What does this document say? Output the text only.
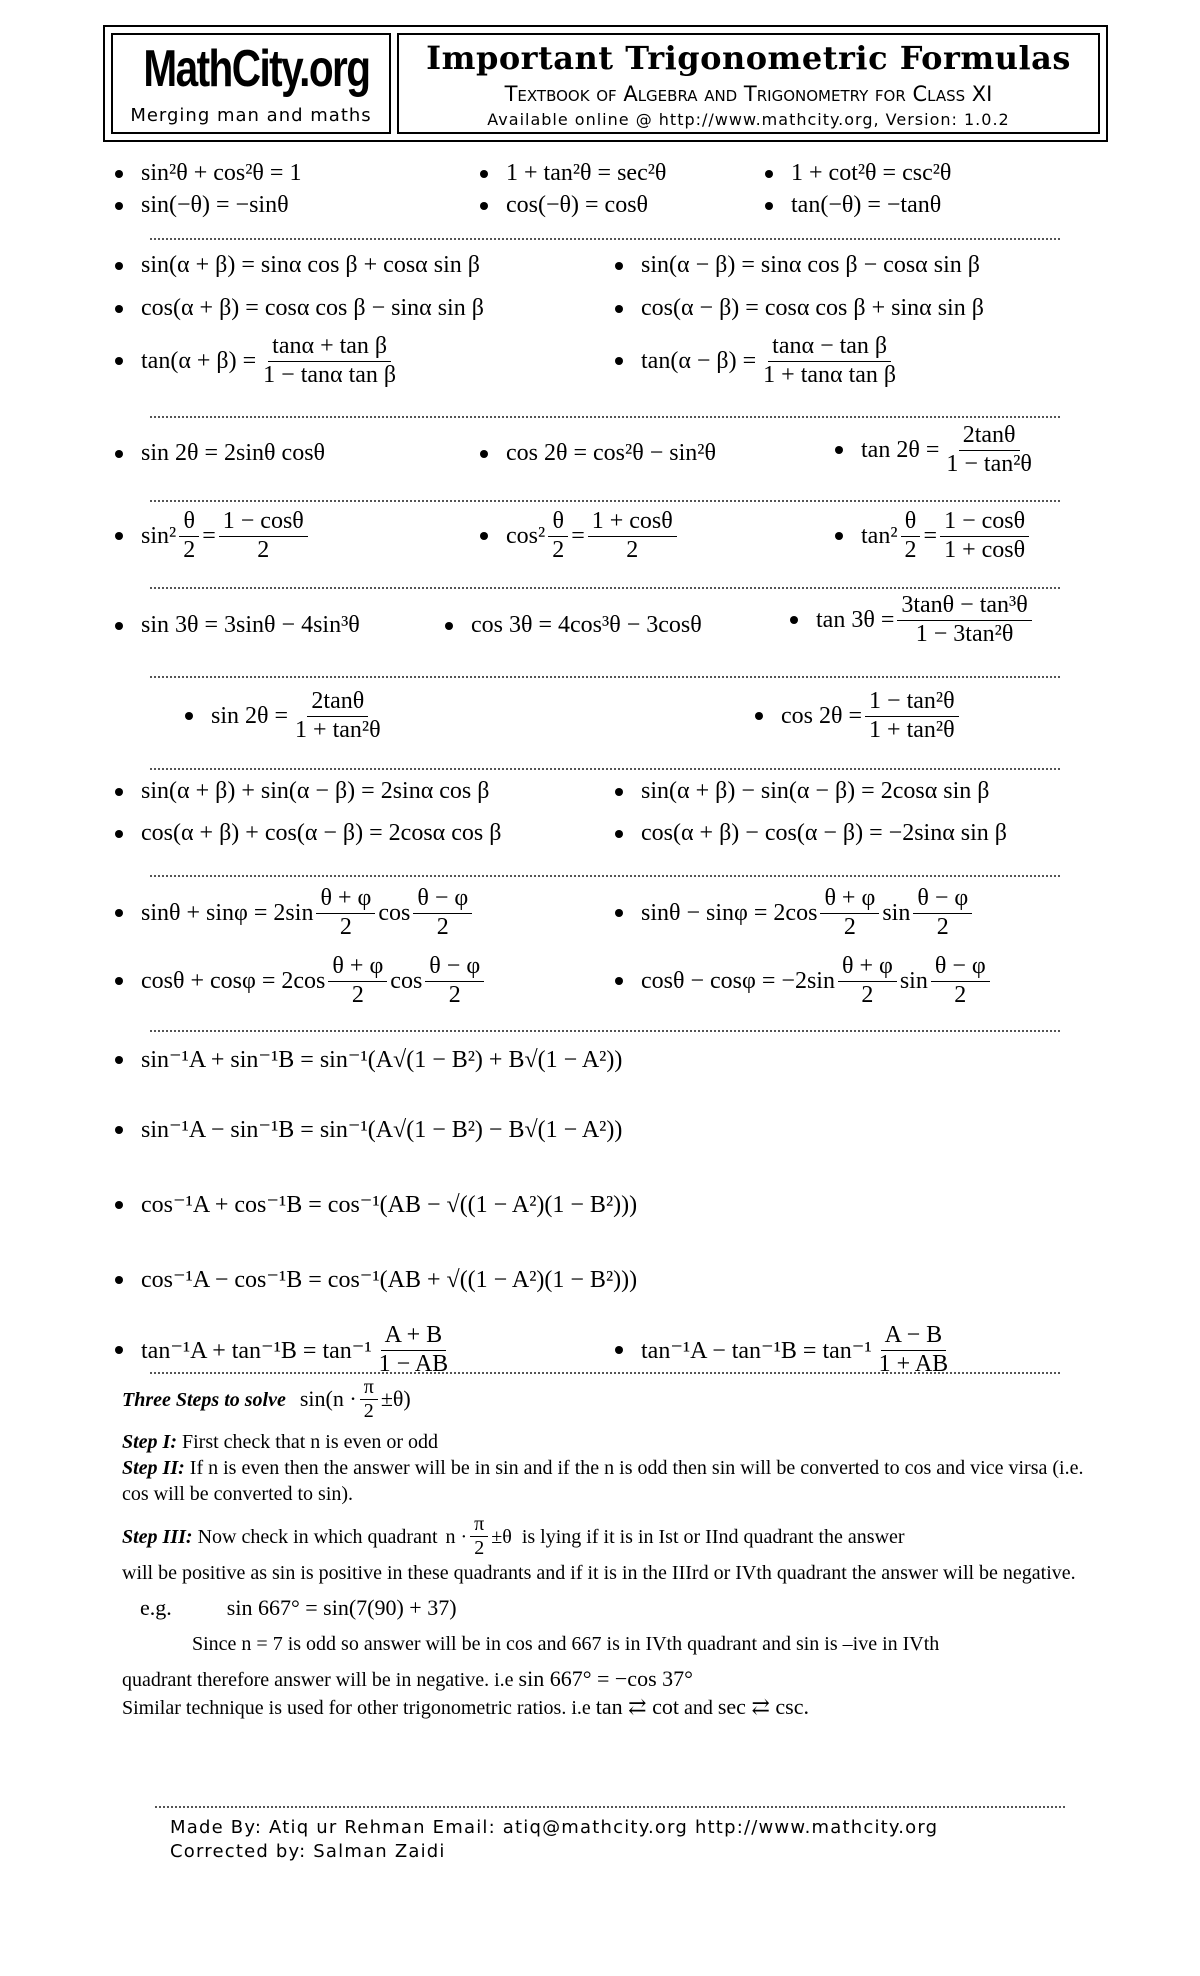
MathCity.org
Merging man and maths
Important Trigonometric Formulas
Textbook of Algebra and Trigonometry for Class XI
Available online @ http://www.mathcity.org, Version: 1.0.2
sin²θ + cos²θ = 1	1 + tan²θ = sec²θ	1 + cot²θ = csc²θ
sin(−θ) = −sinθ	cos(−θ) = cosθ	tan(−θ) = −tanθ
sin(α + β) = sinα cos β + cosα sin β	sin(α − β) = sinα cos β − cosα sin β
cos(α + β) = cosα cos β − sinα sin β	cos(α − β) = cosα cos β + sinα sin β
$\tan(\alpha + \beta) = \frac{\text{tanα + tan β}}{\text{1 − tanα tan β}}$	$\tan(\alpha - \beta) = \frac{\text{tanα − tan β}}{\text{1 + tanα tan β}}$
sin 2θ = 2sinθ cosθ	cos 2θ = cos²θ − sin²θ	$\tan 2\theta = \frac{2\tan\theta}{\text{1 − tan²θ}}$
$\sin^2 \frac{\theta}{2} = \frac{1 - \cos\theta}{2}$	$\cos^2 \frac{\theta}{2} = \frac{1 + \cos\theta}{2}$	$\tan^2 \frac{\theta}{2} = \frac{1 - \cos\theta}{1 + \cos\theta}$
sin 3θ = 3sinθ − 4sin³θ	cos 3θ = 4cos³θ − 3cosθ	$\tan 3\theta = \frac{\text{3tanθ − tan³θ}}{\text{1 − 3tan²θ}}$
$\sin 2\theta = \frac{2\tan\theta}{\text{1 + tan²θ}}$	$\cos 2\theta = \frac{\text{1 − tan²θ}}{\text{1 + tan²θ}}$
sin(α + β) + sin(α − β) = 2sinα cos β	sin(α + β) − sin(α − β) = 2cosα sin β
cos(α + β) + cos(α − β) = 2cosα cos β	cos(α + β) − cos(α − β) = −2sinα sin β
$\sin\theta + \sin\varphi = 2\sin \frac{\theta + \varphi}{2}$ $\cos \frac{\theta - \varphi}{2}$	$\sin\theta - \sin\varphi = 2\cos \frac{\theta + \varphi}{2}$ $\sin \frac{\theta - \varphi}{2}$
$\cos\theta + \cos\varphi = 2\cos \frac{\theta + \varphi}{2}$ $\cos \frac{\theta - \varphi}{2}$	$\cos\theta - \cos\varphi = -2\sin \frac{\theta + \varphi}{2}$ $\sin \frac{\theta - \varphi}{2}$
sin⁻¹A + sin⁻¹B = sin⁻¹(A√(1 − B²) + B√(1 − A²))
sin⁻¹A − sin⁻¹B = sin⁻¹(A√(1 − B²) − B√(1 − A²))
cos⁻¹A + cos⁻¹B = cos⁻¹(AB − √((1 − A²)(1 − B²)))
cos⁻¹A − cos⁻¹B = cos⁻¹(AB + √((1 − A²)(1 − B²)))
$\tan^{-1}A + \tan^{-1}B = \tan^{-1} \frac{A + B}{1 - AB}$	$\tan^{-1}A - \tan^{-1}B = \tan^{-1} \frac{A - B}{1 + AB}$
Three Steps to solve $\sin(n \cdot \frac{\pi}{2} \pm\theta)$
Step I: First check that n is even or odd
Step II: If n is even then the answer will be in sin and if the n is odd then sin will be converted to cos and vice virsa (i.e. cos will be converted to sin).
Step III:
Now check in which quadrant $n \cdot \frac{\pi}{2} \pm\theta$
is lying if it is in Ist or IInd quadrant the answer
will be positive as sin is positive in these quadrants and if it is in the IIIrd or IVth quadrant the answer will be negative.
e.g.	sin 667° = sin(7(90) + 37)
Since n = 7 is odd so answer will be in cos and 667 is in IVth quadrant and sin is –ive in IVth
quadrant therefore answer will be in negative. i.e sin 667° = −cos 37°
Similar technique is used for other trigonometric ratios. i.e tan ⇄ cot and sec ⇄ csc.
Made By: Atiq ur Rehman Email: atiq@mathcity.org http://www.mathcity.org
Corrected by: Salman Zaidi
